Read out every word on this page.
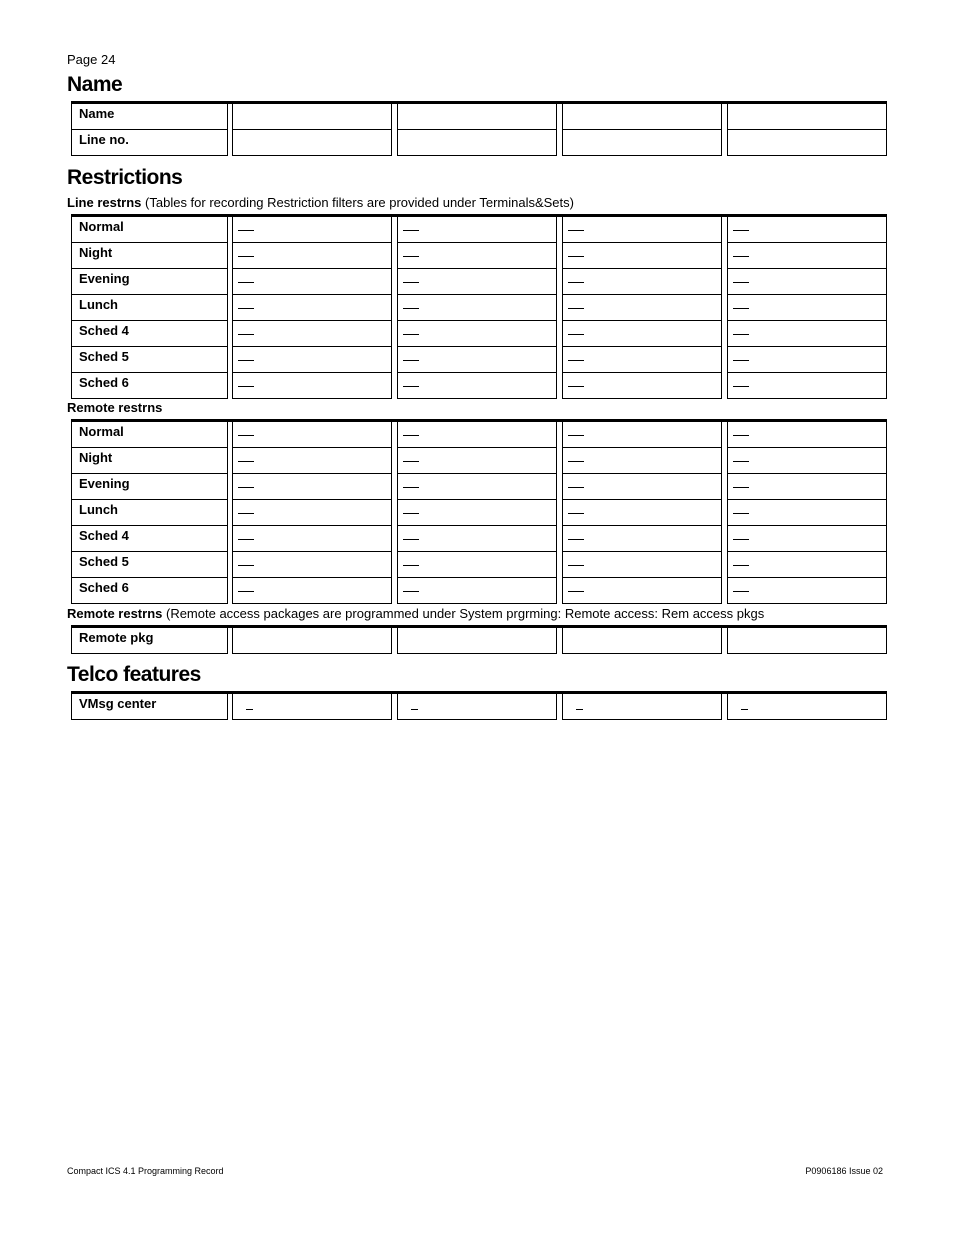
Page 24
Name
Name
Line no.
Restrictions
Line restrns (Tables for recording Restriction filters are provided under Terminals&Sets)
Normal
Night
Evening
Lunch
Sched 4
Sched 5
Sched 6
Remote restrns
Normal
Night
Evening
Lunch
Sched 4
Sched 5
Sched 6
Remote restrns (Remote access packages are programmed under System prgrming: Remote access: Rem access pkgs
Remote pkg
Telco features
VMsg center
Compact ICS 4.1 Programming Record	P0906186 Issue 02
